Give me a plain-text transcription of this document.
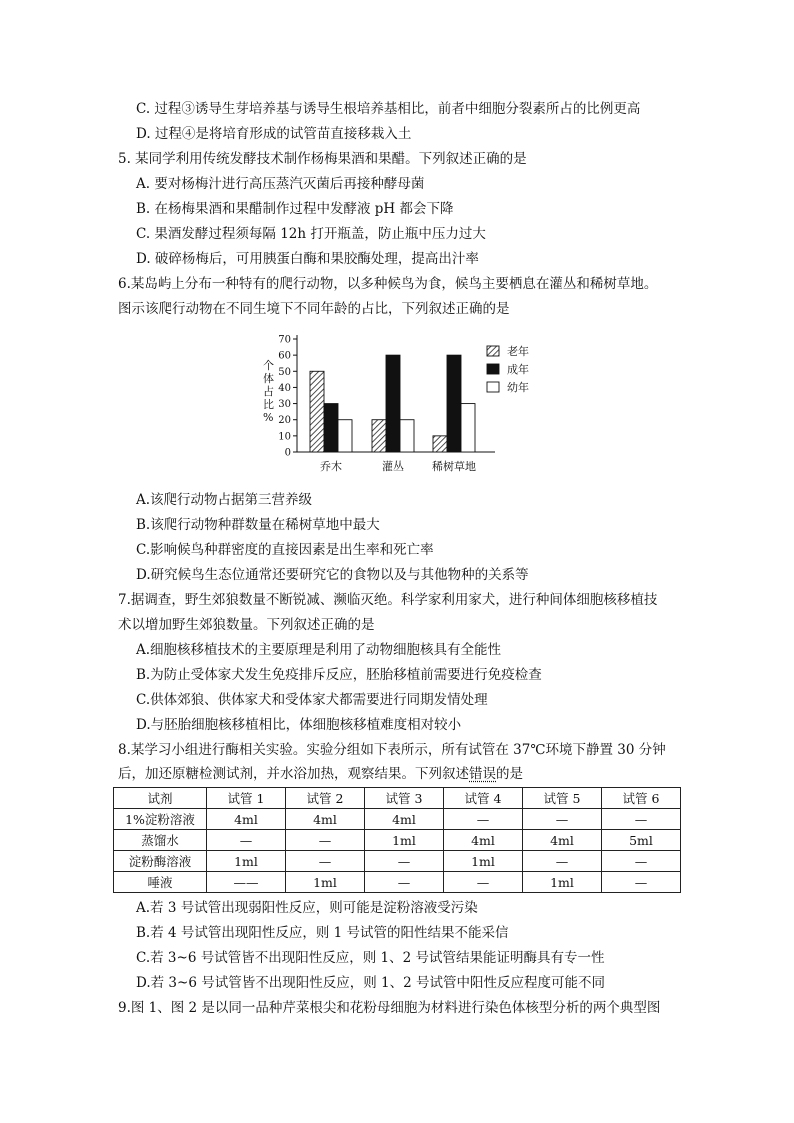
C. 过程③诱导生芽培养基与诱导生根培养基相比，前者中细胞分裂素所占的比例更高
D. 过程④是将培育形成的试管苗直接移栽入土
5. 某同学利用传统发酵技术制作杨梅果酒和果醋。下列叙述正确的是
A. 要对杨梅汁进行高压蒸汽灭菌后再接种酵母菌
B. 在杨梅果酒和果醋制作过程中发酵液 pH 都会下降
C. 果酒发酵过程须每隔 12h 打开瓶盖，防止瓶中压力过大
D. 破碎杨梅后，可用胰蛋白酶和果胶酶处理，提高出汁率
6.某岛屿上分布一种特有的爬行动物，以多种候鸟为食，候鸟主要栖息在灌丛和稀树草地。
图示该爬行动物在不同生境下不同年龄的占比，下列叙述正确的是
0
10
20
30
40
50
60
70
乔木	灌丛	稀树草地
老年
成年
幼年
个体占比%
A.该爬行动物占据第三营养级
B.该爬行动物种群数量在稀树草地中最大
C.影响候鸟种群密度的直接因素是出生率和死亡率
D.研究候鸟生态位通常还要研究它的食物以及与其他物种的关系等
7.据调查，野生郊狼数量不断锐减、濒临灭绝。科学家利用家犬，进行种间体细胞核移植技
术以增加野生郊狼数量。下列叙述正确的是
A.细胞核移植技术的主要原理是利用了动物细胞核具有全能性
B.为防止受体家犬发生免疫排斥反应，胚胎移植前需要进行免疫检查
C.供体郊狼、供体家犬和受体家犬都需要进行同期发情处理
D.与胚胎细胞核移植相比，体细胞核移植难度相对较小
8.某学习小组进行酶相关实验。实验分组如下表所示，所有试管在 37℃环境下静置 30 分钟
后，加还原糖检测试剂，并水浴加热，观察结果。下列叙述错误的是
试剂	试管 1	试管 2	试管 3	试管 4	试管 5	试管 6
1%淀粉溶液	4ml	4ml	4ml	—	—	—
蒸馏水	—	—	1ml	4ml	4ml	5ml
淀粉酶溶液	1ml	—	—	1ml	—	—
唾液	——	1ml	—	—	1ml	—
A.若 3 号试管出现弱阳性反应，则可能是淀粉溶液受污染
B.若 4 号试管出现阳性反应，则 1 号试管的阳性结果不能采信
C.若 3~6 号试管皆不出现阳性反应，则 1、2 号试管结果能证明酶具有专一性
D.若 3~6 号试管皆不出现阳性反应，则 1、2 号试管中阳性反应程度可能不同
9.图 1、图 2 是以同一品种芹菜根尖和花粉母细胞为材料进行染色体核型分析的两个典型图
